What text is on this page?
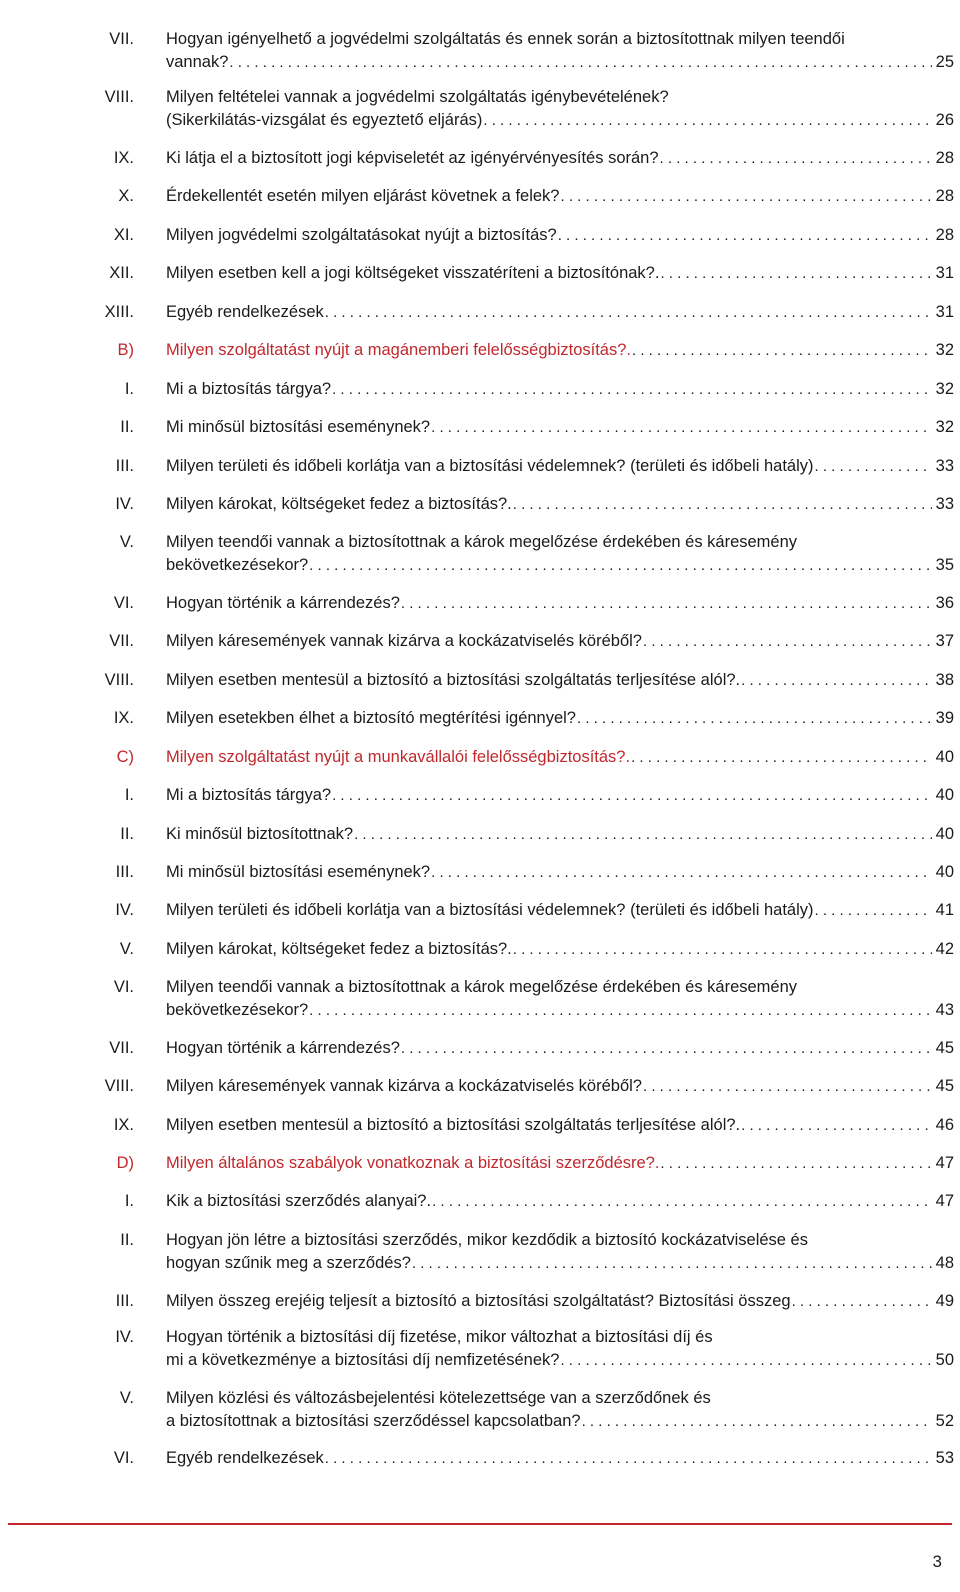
VII. Hogyan igényelhető a jogvédelmi szolgáltatás és ennek során a biztosítottnak milyen teendői
vannak? . . .	25
VIII. Milyen feltételei vannak a jogvédelmi szolgáltatás igénybevételének?
(Sikerkilátás-vizsgálat és egyeztető eljárás) . . .	26
IX. Ki látja el a biztosított jogi képviseletét az igényérvényesítés során? . . .	28
X. Érdekellentét esetén milyen eljárást követnek a felek? . . .	28
XI. Milyen jogvédelmi szolgáltatásokat nyújt a biztosítás? . . .	28
XII. Milyen esetben kell a jogi költségeket visszatéríteni a biztosítónak?. . . .	31
XIII. Egyéb rendelkezések . . .	31
B) Milyen szolgáltatást nyújt a magánemberi felelősségbiztosítás?. . . .	32
I. Mi a biztosítás tárgya? . . .	32
II. Mi minősül biztosítási eseménynek? . . .	32
III. Milyen területi és időbeli korlátja van a biztosítási védelemnek? (területi és időbeli hatály) . . .	33
IV. Milyen károkat, költségeket fedez a biztosítás?. . . .	33
V. Milyen teendői vannak a biztosítottnak a károk megelőzése érdekében és káresemény
bekövetkezésekor? . . .	35
VI. Hogyan történik a kárrendezés? . . .	36
VII. Milyen káresemények vannak kizárva a kockázatviselés köréből? . . .	37
VIII. Milyen esetben mentesül a biztosító a biztosítási szolgáltatás terljesítése alól?. . . .	38
IX. Milyen esetekben élhet a biztosító megtérítési igénnyel? . . .	39
C) Milyen szolgáltatást nyújt a munkavállalói felelősségbiztosítás?. . . .	40
I. Mi a biztosítás tárgya? . . .	40
II. Ki minősül biztosítottnak? . . .	40
III. Mi minősül biztosítási eseménynek? . . .	40
IV. Milyen területi és időbeli korlátja van a biztosítási védelemnek? (területi és időbeli hatály) . . .	41
V. Milyen károkat, költségeket fedez a biztosítás?. . . .	42
VI. Milyen teendői vannak a biztosítottnak a károk megelőzése érdekében és káresemény
bekövetkezésekor? . . .	43
VII. Hogyan történik a kárrendezés? . . .	45
VIII. Milyen káresemények vannak kizárva a kockázatviselés köréből? . . .	45
IX. Milyen esetben mentesül a biztosító a biztosítási szolgáltatás terljesítése alól?. . . .	46
D) Milyen általános szabályok vonatkoznak a biztosítási szerződésre?. . . .	47
I. Kik a biztosítási szerződés alanyai?. . . .	47
II. Hogyan jön létre a biztosítási szerződés, mikor kezdődik a biztosító kockázatviselése és
hogyan szűnik meg a szerződés? . . .	48
III. Milyen összeg erejéig teljesít a biztosító a biztosítási szolgáltatást? Biztosítási összeg . . .	49
IV. Hogyan történik a biztosítási díj fizetése, mikor változhat a biztosítási díj és
mi a következménye a biztosítási díj nemfizetésének? . . .	50
V. Milyen közlési és változásbejelentési kötelezettsége van a szerződőnek és
a biztosítottnak a biztosítási szerződéssel kapcsolatban? . . .	52
VI. Egyéb rendelkezések . . .	53
3
